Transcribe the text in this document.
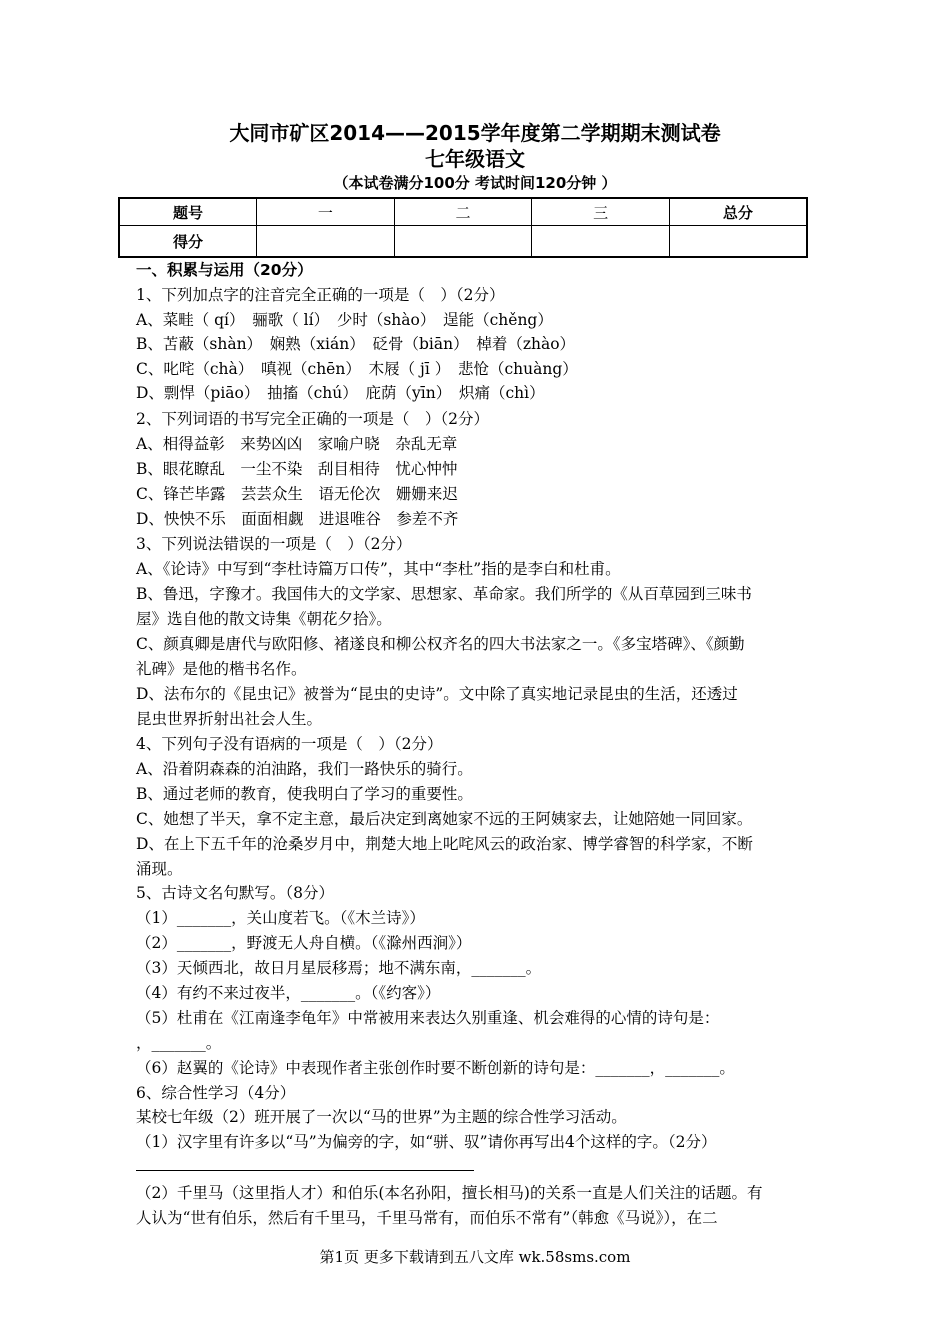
大同市矿区2014——2015学年度第二学期期末测试卷
七年级语文
（本试卷满分100分 考试时间120分钟 ）
题号	一	二	三	总分
得分				
一、积累与运用（20分）
1、下列加点字的注音完全正确的一项是（　）（2分）
A、菜畦（ qí）　骊歌（ lí）　少时（shào）　逞能（chěng）
B、苫蔽（shàn）　娴熟（xián）　砭骨（biān）　棹着（zhào）
C、叱咤（chà）　嗔视（chēn）　木屐（ jī ）　悲怆（chuàng）
D、剽悍（piāo）　抽搐（chú）　庇荫（yīn）　炽痛（chì）
2、下列词语的书写完全正确的一项是（　）（2分）
A、相得益彰　来势凶凶　家喻户晓　杂乱无章
B、眼花瞭乱　一尘不染　刮目相待　忧心忡忡
C、锋芒毕露　芸芸众生　语无伦次　姗姗来迟
D、怏怏不乐　面面相觑　进退唯谷　参差不齐
3、下列说法错误的一项是（　）（2分）
A、《论诗》中写到“李杜诗篇万口传”，其中“李杜”指的是李白和杜甫。
B、鲁迅，字豫才。我国伟大的文学家、思想家、革命家。我们所学的《从百草园到三味书
屋》选自他的散文诗集《朝花夕拾》。
C、颜真卿是唐代与欧阳修、褚遂良和柳公权齐名的四大书法家之一。《多宝塔碑》、《颜勤
礼碑》是他的楷书名作。
D、法布尔的《昆虫记》被誉为“昆虫的史诗”。文中除了真实地记录昆虫的生活，还透过
昆虫世界折射出社会人生。
4、下列句子没有语病的一项是（　）（2分）
A、沿着阴森森的泊油路，我们一路快乐的骑行。
B、通过老师的教育，使我明白了学习的重要性。
C、她想了半天，拿不定主意，最后决定到离她家不远的王阿姨家去，让她陪她一同回家。
D、在上下五千年的沧桑岁月中，荆楚大地上叱咤风云的政治家、博学睿智的科学家，不断
涌现。
5、古诗文名句默写。（8分）
（1）_______，关山度若飞。（《木兰诗》）
（2）_______，野渡无人舟自横。（《滁州西涧》）
（3）天倾西北，故日月星辰移焉；地不满东南，_______。
（4）有约不来过夜半，_______。（《约客》）
（5）杜甫在《江南逢李龟年》中常被用来表达久别重逢、机会难得的心情的诗句是：
，_______。
（6）赵翼的《论诗》中表现作者主张创作时要不断创新的诗句是：_______，_______。
6、综合性学习（4分）
某校七年级（2）班开展了一次以“马的世界”为主题的综合性学习活动。
（1）汉字里有许多以“马”为偏旁的字，如“骈、驭”请你再写出4个这样的字。（2分）
（2）千里马（这里指人才）和伯乐(本名孙阳，擅长相马)的关系一直是人们关注的话题。有
人认为“世有伯乐，然后有千里马，千里马常有，而伯乐不常有”（韩愈《马说》），在二
第1页 更多下载请到五八文库 wk.58sms.com
